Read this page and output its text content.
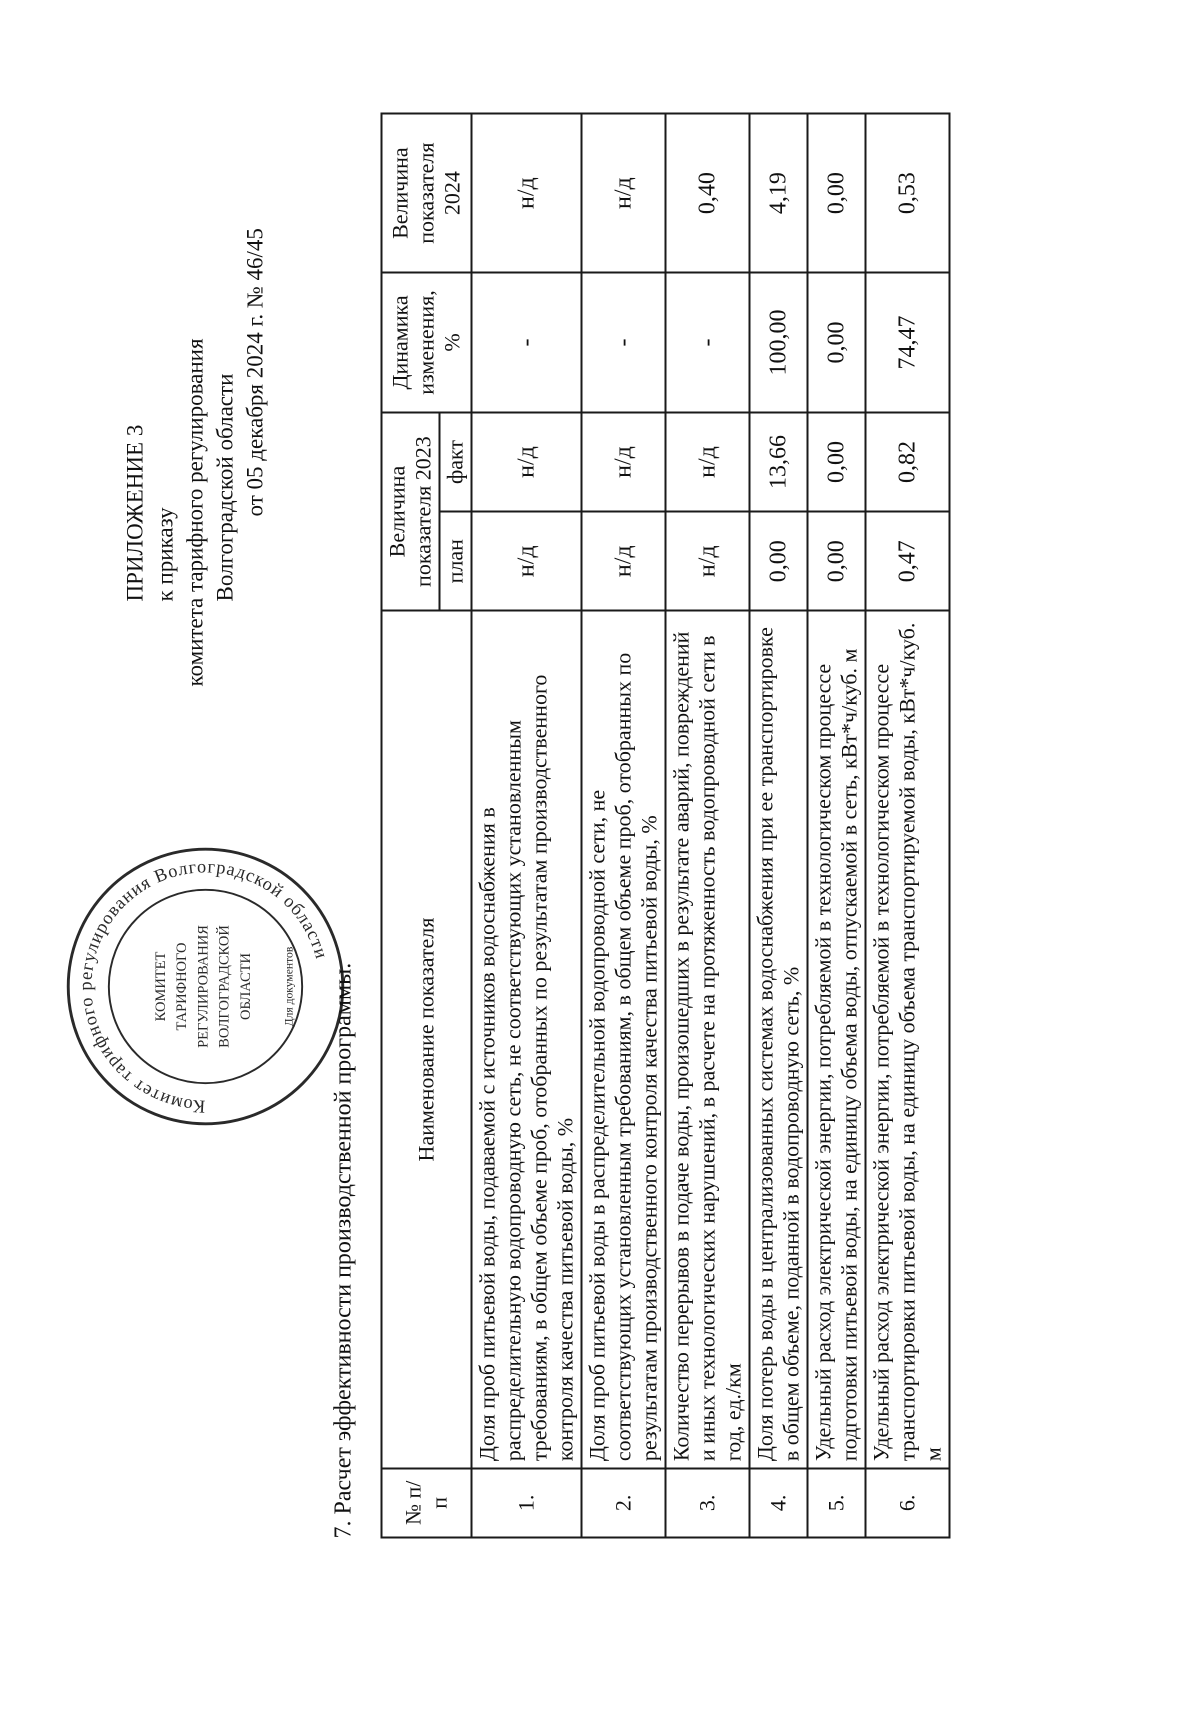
ПРИЛОЖЕНИЕ 3 к приказу комитета тарифного регулирования Волгоградской области от 05 декабря 2024 г. № 46/45
Комитет тарифного регулирования Волгоградской области
КОМИТЕТ ТАРИФНОГО РЕГУЛИРОВАНИЯ ВОЛГОГРАДСКОЙ ОБЛАСТИ Для документов 7. Расчет эффективности производственной программы. № п/п	Наименование показателя	Величина показателя 2023		Динамика изменения, %	Величина показателя 2024
		план	факт		
1.	Доля проб питьевой воды, подаваемой с источников водоснабжения в распределительную водопроводную сеть, не соответствующих установленным требованиям, в общем объеме проб, отобранных по результатам производственного контроля качества питьевой воды, %	н/д	н/д	-	н/д
2.	Доля проб питьевой воды в распределительной водопроводной сети, не соответствующих установленным требованиям, в общем объеме проб, отобранных по результатам производственного контроля качества питьевой воды, %	н/д	н/д	-	н/д
3.	Количество перерывов в подаче воды, произошедших в результате аварий, повреждений и иных технологических нарушений, в расчете на протяженность водопроводной сети в год, ед./км	н/д	н/д	-	0,40
4.	Доля потерь воды в централизованных системах водоснабжения при ее транспортировке в общем объеме, поданной в водопроводную сеть, %	0,00	13,66	100,00	4,19
5.	Удельный расход электрической энергии, потребляемой в технологическом процессе подготовки питьевой воды, на единицу объема воды, отпускаемой в сеть, кВт*ч/куб. м	0,00	0,00	0,00	0,00
6.	Удельный расход электрической энергии, потребляемой в технологическом процессе транспортировки питьевой воды, на единицу объема транспортируемой воды, кВт*ч/куб. м	0,47	0,82	74,47	0,53
